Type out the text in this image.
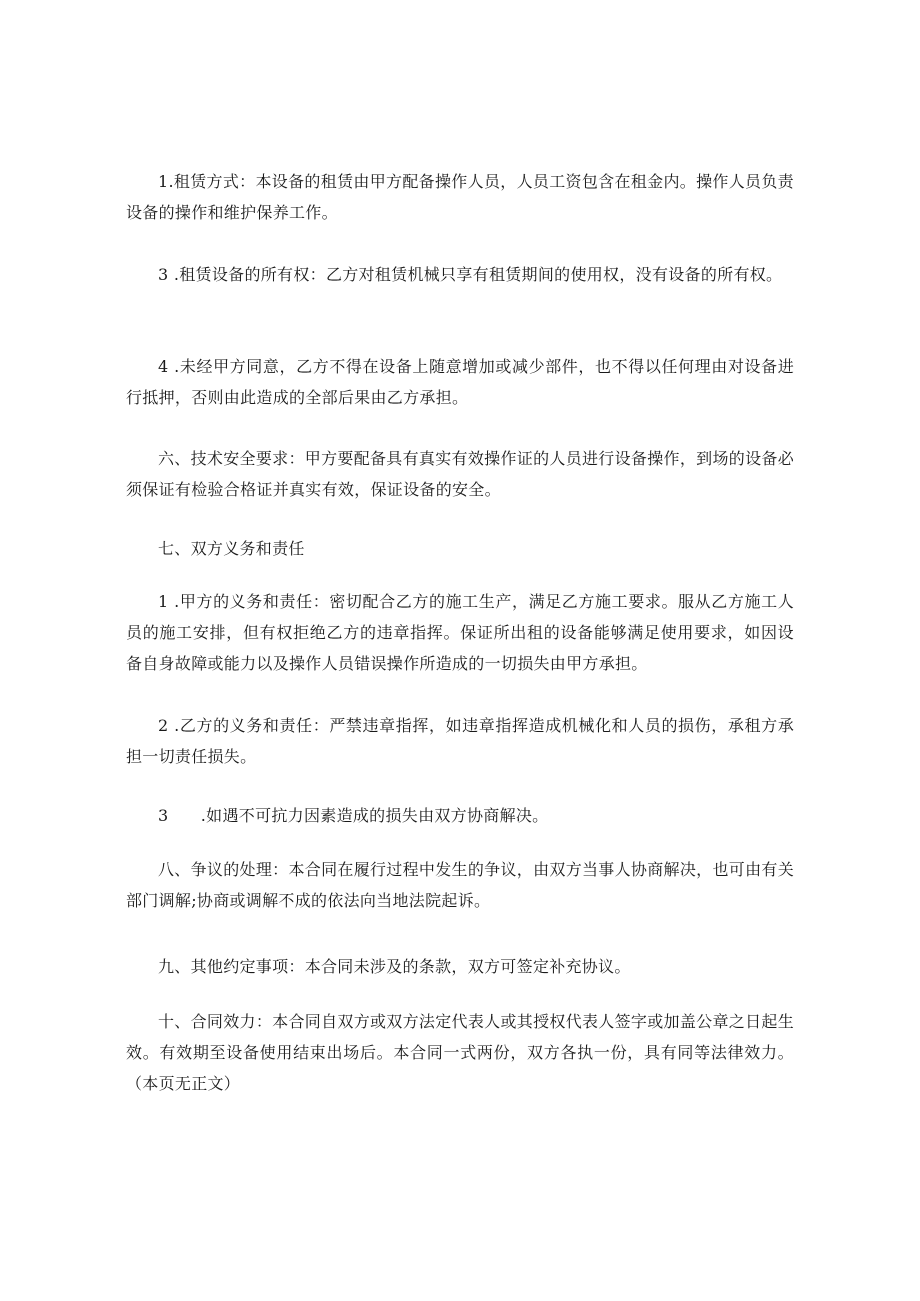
1.租赁方式：本设备的租赁由甲方配备操作人员，人员工资包含在租金内。操作人员负责设备的操作和维护保养工作。

3 .租赁设备的所有权：乙方对租赁机械只享有租赁期间的使用权，没有设备的所有权。

4 .未经甲方同意，乙方不得在设备上随意增加或减少部件，也不得以任何理由对设备进行抵押，否则由此造成的全部后果由乙方承担。

六、技术安全要求：甲方要配备具有真实有效操作证的人员进行设备操作，到场的设备必须保证有检验合格证并真实有效，保证设备的安全。

七、双方义务和责任

1 .甲方的义务和责任：密切配合乙方的施工生产，满足乙方施工要求。服从乙方施工人员的施工安排，但有权拒绝乙方的违章指挥。保证所出租的设备能够满足使用要求，如因设备自身故障或能力以及操作人员错误操作所造成的一切损失由甲方承担。

2 .乙方的义务和责任：严禁违章指挥，如违章指挥造成机械化和人员的损伤，承租方承担一切责任损失。

3      .如遇不可抗力因素造成的损失由双方协商解决。

八、争议的处理：本合同在履行过程中发生的争议，由双方当事人协商解决，也可由有关部门调解;协商或调解不成的依法向当地法院起诉。

九、其他约定事项：本合同未涉及的条款，双方可签定补充协议。

十、合同效力：本合同自双方或双方法定代表人或其授权代表人签字或加盖公章之日起生效。有效期至设备使用结束出场后。本合同一式两份，双方各执一份，具有同等法律效力。（本页无正文）
